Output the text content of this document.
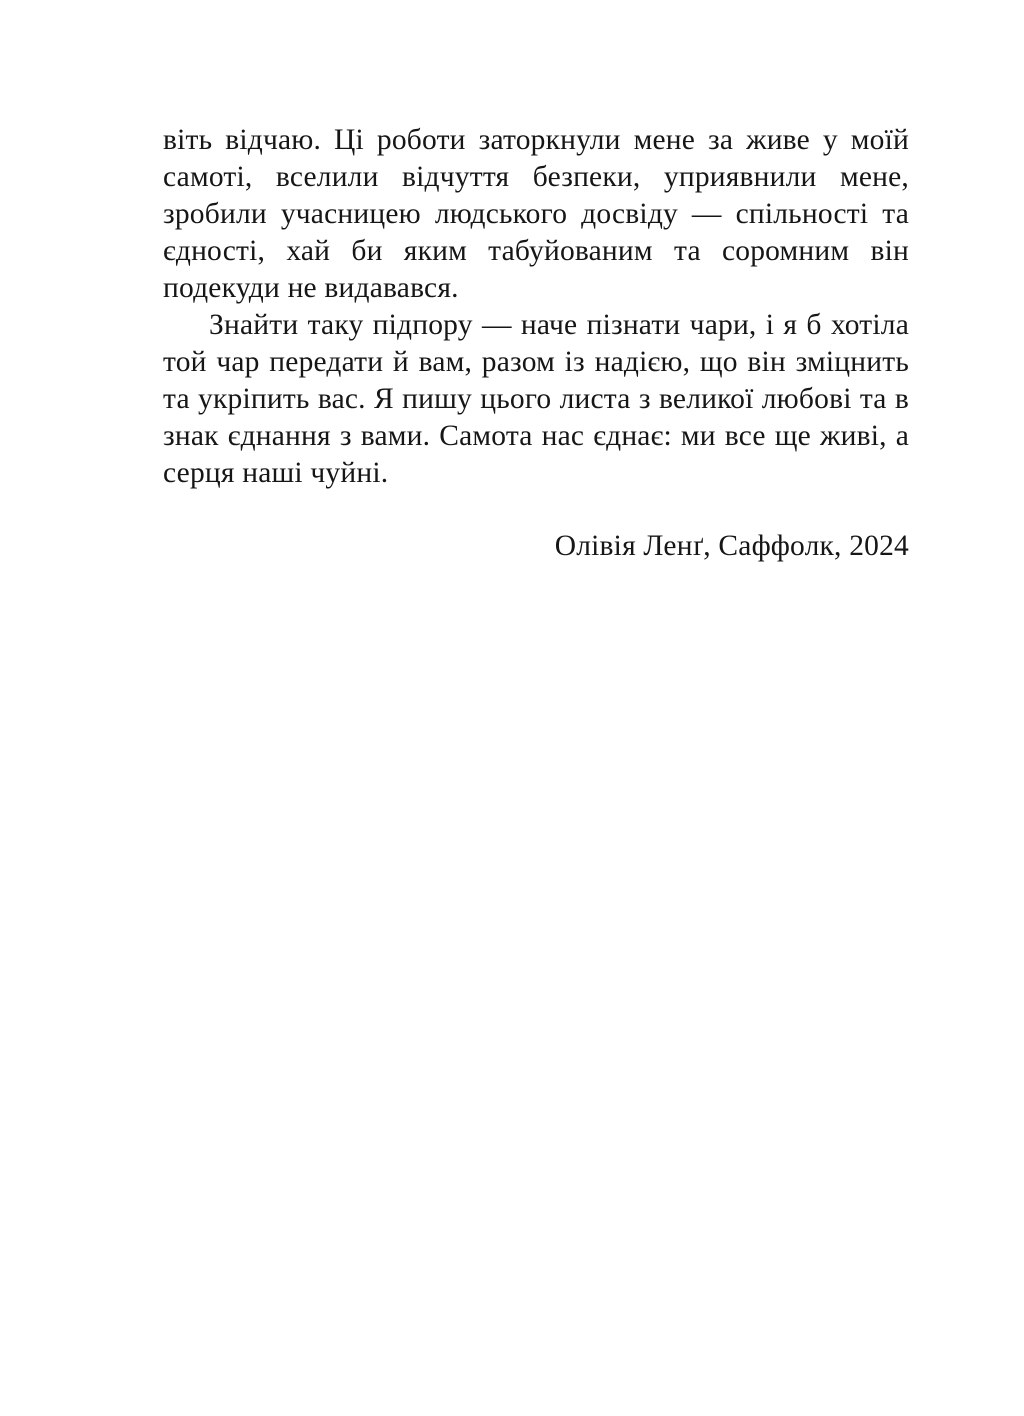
віть відчаю. Ці роботи заторкнули мене за живе у моїй самоті, вселили відчуття безпеки, уприявнили мене, зробили учасницею людського досвіду — спільності та єдності, хай би яким табуйованим та соромним він подекуди не видавався.

Знайти таку підпору — наче пізнати чари, і я б хотіла той чар передати й вам, разом із надією, що він зміцнить та укріпить вас. Я пишу цього листа з великої любові та в знак єднання з вами. Самота нас єднає: ми все ще живі, а серця наші чуйні.

Олівія Ленґ, Саффолк, 2024
